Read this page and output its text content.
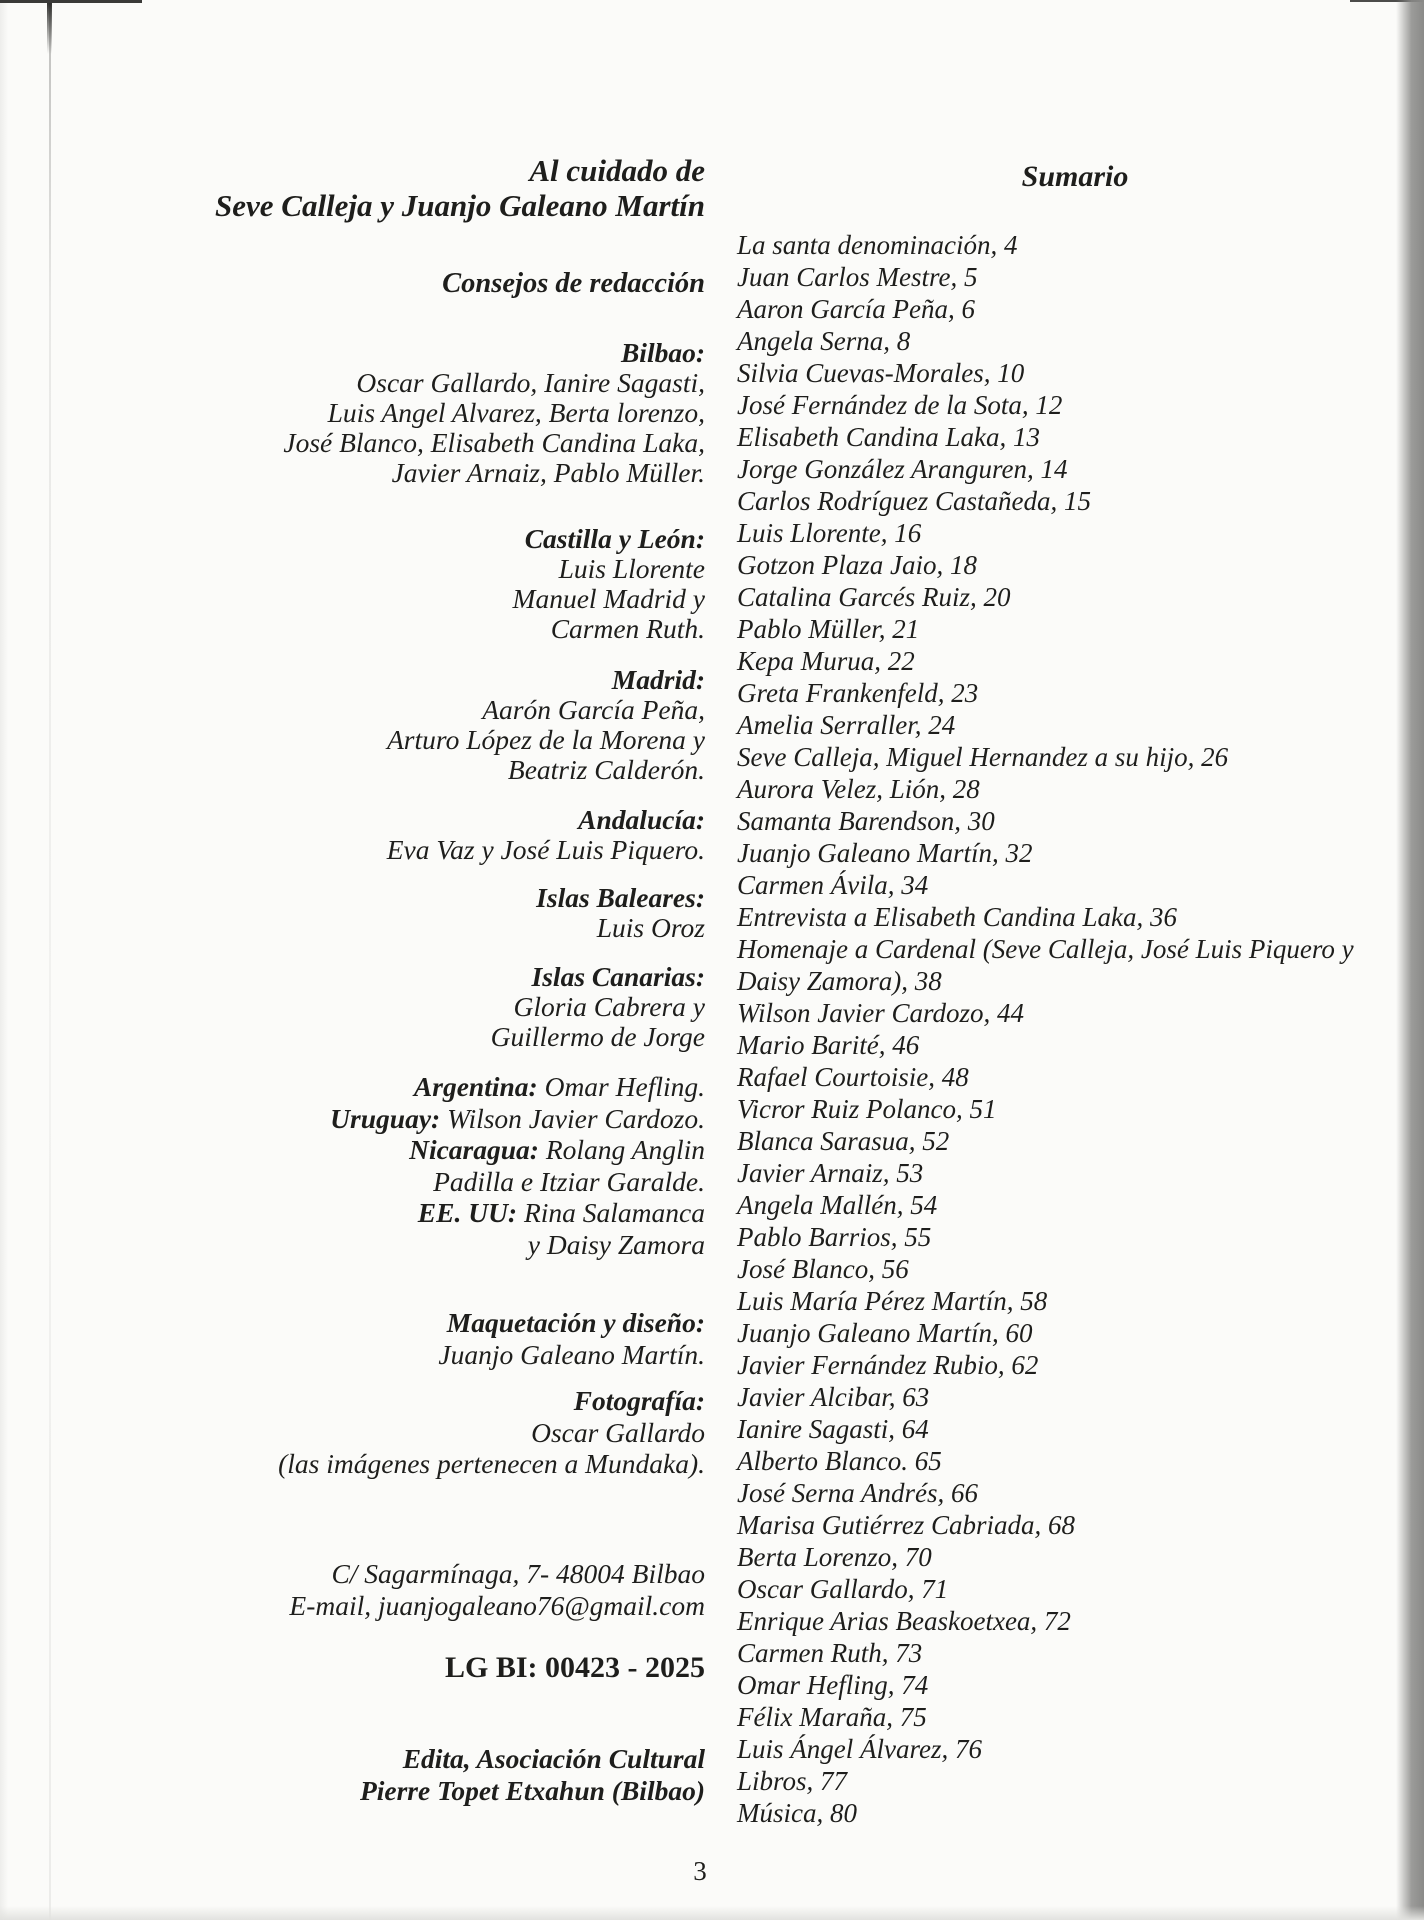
Al cuidado de
Seve Calleja y Juanjo Galeano Martín
Consejos de redacción
Bilbao:
Oscar Gallardo, Ianire Sagasti,
Luis Angel Alvarez, Berta lorenzo,
José Blanco, Elisabeth Candina Laka,
Javier Arnaiz, Pablo Müller.
Castilla y León:
Luis Llorente
Manuel Madrid y
Carmen Ruth.
Madrid:
Aarón García Peña,
Arturo López de la Morena y
Beatriz Calderón.
Andalucía:
Eva Vaz y José Luis Piquero.
Islas Baleares:
Luis Oroz
Islas Canarias:
Gloria Cabrera y
Guillermo de Jorge
Argentina: Omar Hefling.
Uruguay: Wilson Javier Cardozo.
Nicaragua: Rolang Anglin
Padilla e Itziar Garalde.
EE. UU: Rina Salamanca
y Daisy Zamora
Maquetación y diseño:
Juanjo Galeano Martín.
Fotografía:
Oscar Gallardo
(las imágenes pertenecen a Mundaka).
C/ Sagarmínaga, 7- 48004 Bilbao
E-mail, juanjogaleano76@gmail.com
LG BI: 00423 - 2025
Edita, Asociación Cultural
Pierre Topet Etxahun (Bilbao)
Sumario
La santa denominación, 4
Juan Carlos Mestre, 5
Aaron García Peña, 6
Angela Serna, 8
Silvia Cuevas-Morales, 10
José Fernández de la Sota, 12
Elisabeth Candina Laka, 13
Jorge González Aranguren, 14
Carlos Rodríguez Castañeda, 15
Luis Llorente, 16
Gotzon Plaza Jaio, 18
Catalina Garcés Ruiz, 20
Pablo Müller, 21
Kepa Murua, 22
Greta Frankenfeld, 23
Amelia Serraller, 24
Seve Calleja, Miguel Hernandez a su hijo, 26
Aurora Velez, Lión, 28
Samanta Barendson, 30
Juanjo Galeano Martín, 32
Carmen Ávila, 34
Entrevista a Elisabeth Candina Laka, 36
Homenaje a Cardenal (Seve Calleja, José Luis Piquero y
Daisy Zamora), 38
Wilson Javier Cardozo, 44
Mario Barité, 46
Rafael Courtoisie, 48
Vicror Ruiz Polanco, 51
Blanca Sarasua, 52
Javier Arnaiz, 53
Angela Mallén, 54
Pablo Barrios, 55
José Blanco, 56
Luis María Pérez Martín, 58
Juanjo Galeano Martín, 60
Javier Fernández Rubio, 62
Javier Alcibar, 63
Ianire Sagasti, 64
Alberto Blanco. 65
José Serna Andrés, 66
Marisa Gutiérrez Cabriada, 68
Berta Lorenzo, 70
Oscar Gallardo, 71
Enrique Arias Beaskoetxea, 72
Carmen Ruth, 73
Omar Hefling, 74
Félix Maraña, 75
Luis Ángel Álvarez, 76
Libros, 77
Música, 80
3
